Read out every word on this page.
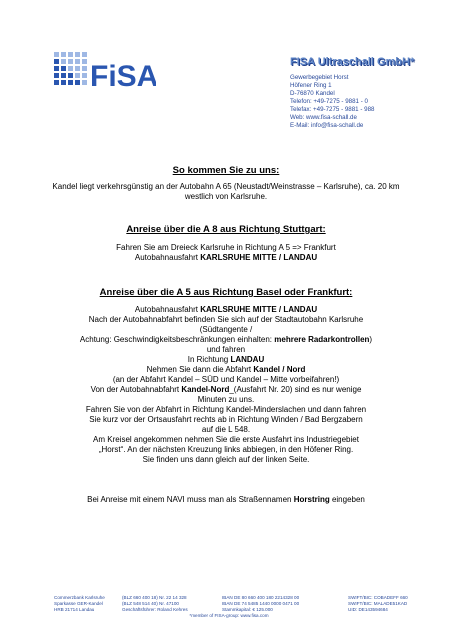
FiSA	FISA Ultraschall GmbH*
Gewerbegebiet Horst
Höfener Ring 1
D-76870 Kandel
Telefon: +49-7275 - 9881 - 0
Telefax: +49-7275 - 9881 - 988
Web: www.fisa-schall.de
E-Mail: info@fisa-schall.de
So kommen Sie zu uns:

Kandel liegt verkehrsgünstig an der Autobahn A 65 (Neustadt/Weinstrasse – Karlsruhe), ca. 20 km westlich von Karlsruhe.

Anreise über die A 8 aus Richtung Stuttgart:

Fahren Sie am Dreieck Karlsruhe in Richtung A 5 => Frankfurt

Autobahnausfahrt KARLSRUHE MITTE / LANDAU

Anreise über die A 5 aus Richtung Basel oder Frankfurt:

Autobahnausfahrt KARLSRUHE MITTE / LANDAU

Nach der Autobahnabfahrt befinden Sie sich auf der Stadtautobahn Karlsruhe

(Südtangente /

Achtung: Geschwindigkeitsbeschränkungen einhalten: mehrere Radarkontrollen)

und fahren

In Richtung LANDAU

Nehmen Sie dann die Abfahrt Kandel / Nord

(an der Abfahrt Kandel – SÜD und Kandel – Mitte vorbeifahren!)

Von der Autobahnabfahrt Kandel-Nord_(Ausfahrt Nr. 20) sind es nur wenige

Minuten zu uns.

Fahren Sie von der Abfahrt in Richtung Kandel-Minderslachen und dann fahren

Sie kurz vor der Ortsausfahrt rechts ab in Richtung Winden / Bad Bergzabern

auf die L 548.

Am Kreisel angekommen nehmen Sie die erste Ausfahrt ins Industriegebiet

„Horst“. An der nächsten Kreuzung links abbiegen, in den Höfener Ring.

Sie finden uns dann gleich auf der linken Seite.

Bei Anreise mit einem NAVI muss man als Straßennamen Horstring eingeben

Commerzbank Karlsruhe	(BLZ 660 400 18) Nr. 22 14 328	IBAN DE 80 660 400 180 2214328 00	SWIFT/BIC: COBADEFF 660
Sparkasse GER-Kandel	(BLZ 548 514 40) Nr. 47100	IBAN DE 74 5485 1440 0000 0471 00	SWIFT/BIC: MALADE51KAD
HRB 21714 Landau	Geschäftsführer: Roland Kehres	Stammkapital: € 125.000	UID: DE143594684
*member of FISA-group: www.fisa.com
